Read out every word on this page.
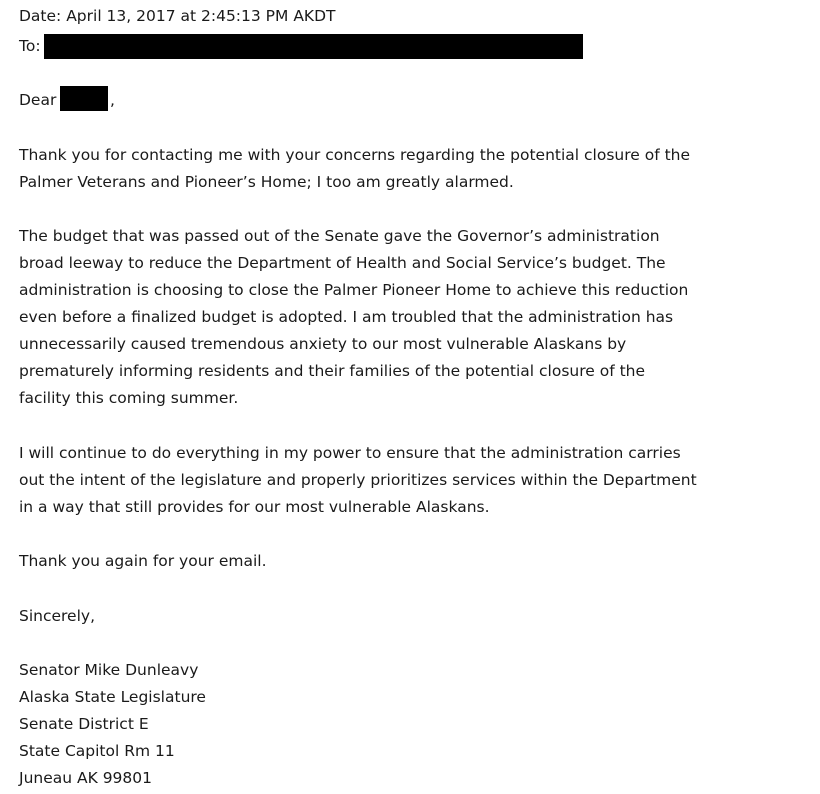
Date: April 13, 2017 at 2:45:13 PM AKDT
To:
Dear	,
Thank you for contacting me with your concerns regarding the potential closure of the
Palmer Veterans and Pioneer’s Home; I too am greatly alarmed.
The budget that was passed out of the Senate gave the Governor’s administration
broad leeway to reduce the Department of Health and Social Service’s budget. The
administration is choosing to close the Palmer Pioneer Home to achieve this reduction
even before a finalized budget is adopted. I am troubled that the administration has
unnecessarily caused tremendous anxiety to our most vulnerable Alaskans by
prematurely informing residents and their families of the potential closure of the
facility this coming summer.
I will continue to do everything in my power to ensure that the administration carries
out the intent of the legislature and properly prioritizes services within the Department
in a way that still provides for our most vulnerable Alaskans.
Thank you again for your email.
Sincerely,
Senator Mike Dunleavy
Alaska State Legislature
Senate District E
State Capitol Rm 11
Juneau AK 99801
